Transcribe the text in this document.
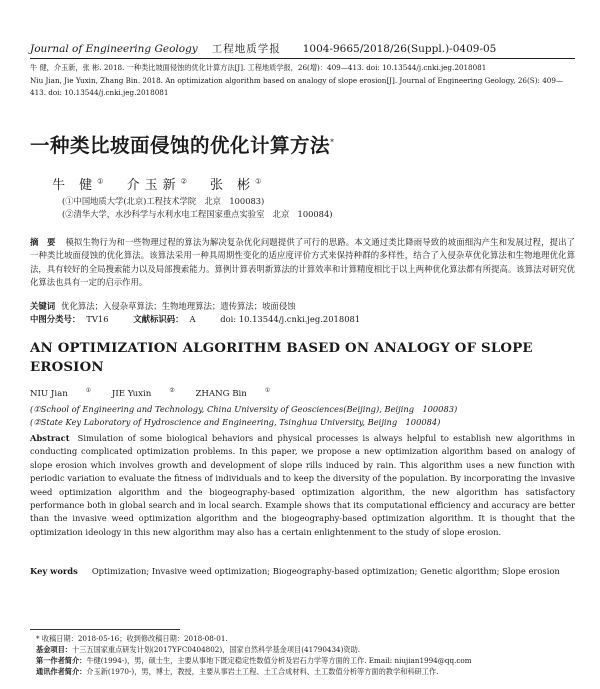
Journal of Engineering Geology 工程地质学报 1004-9665/2018/26(Suppl.)-0409-05
牛 健，介玉新，张 彬. 2018. 一种类比坡面侵蚀的优化计算方法[J]. 工程地质学报，26(增)：409—413. doi: 10.13544/j.cnki.jeg.2018081
Niu Jian, Jie Yuxin, Zhang Bin. 2018. An optimization algorithm based on analogy of slope erosion[J]. Journal of Engineering Geology, 26(S): 409—413. doi: 10.13544/j.cnki.jeg.2018081
一种类比坡面侵蚀的优化计算方法*
牛 健① 介玉新② 张 彬①
(①中国地质大学(北京)工程技术学院　北京　100083)
(②清华大学，水沙科学与水利水电工程国家重点实验室　北京　100084)
摘　要 模拟生物行为和一些物理过程的算法为解决复杂优化问题提供了可行的思路。本文通过类比降雨导致的坡面细沟产生和发展过程，提出了一种类比坡面侵蚀的优化算法。该算法采用一种具周期性变化的适应度评价方式来保持种群的多样性，结合了入侵杂草优化算法和生物地理优化算法，具有较好的全局搜索能力以及局部搜索能力。算例计算表明新算法的计算效率和计算精度相比于以上两种优化算法都有所提高。该算法对研究优化算法也具有一定的启示作用。
关键词 优化算法；入侵杂草算法；生物地理算法；遗传算法；坡面侵蚀
中图分类号： TV16	文献标识码： A	doi: 10.13544/j.cnki.jeg.2018081
AN OPTIMIZATION ALGORITHM BASED ON ANALOGY OF SLOPE EROSION
NIU Jian	① JIE Yuxin	② ZHANG Bin	①
(①School of Engineering and Technology, China University of Geosciences(Beijing), Beijing　100083)
(②State Key Laboratory of Hydroscience and Engineering, Tsinghua University, Beijing　100084)
Abstract Simulation of some biological behaviors and physical processes is always helpful to establish new algorithms in conducting complicated optimization problems. In this paper, we propose a new optimization algorithm based on analogy of slope erosion which involves growth and development of slope rills induced by rain. This algorithm uses a new function with periodic variation to evaluate the fitness of individuals and to keep the diversity of the population. By incorporating the invasive weed optimization algorithm and the biogeography-based optimization algorithm, the new algorithm has satisfactory performance both in global search and in local search. Example shows that its computational efficiency and accuracy are better than the invasive weed optimization algorithm and the biogeography-based optimization algorithm. It is thought that the optimization ideology in this new algorithm may also has a certain enlightenment to the study of slope erosion.
Key words Optimization; Invasive weed optimization; Biogeography-based optimization; Genetic algorithm; Slope erosion
* 收稿日期：2018-05-16；收到修改稿日期：2018-08-01.
基金项目：十三五国家重点研发计划(2017YFC0404802)，国家自然科学基金项目(41790434)资助.
第一作者简介：牛健(1994-)，男，硕士生，主要从事地下既定稳定性数值分析及岩石力学等方面的工作. Email: niujian1994@qq.com
通讯作者简介：介玉新(1970-)，男，博士，教授，主要从事岩土工程、土工合成材料、土工数值分析等方面的教学和科研工作.
